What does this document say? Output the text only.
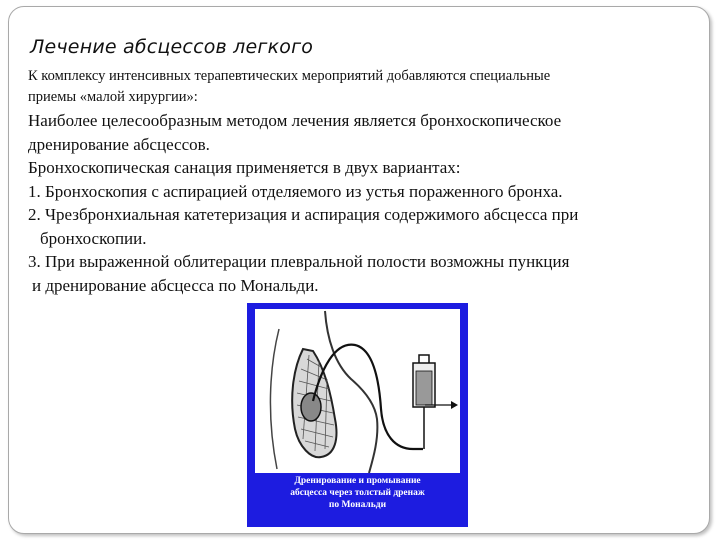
Лечение абсцессов легкого
К комплексу интенсивных терапевтических мероприятий добавляются специальные
приемы «малой хирургии»:

Наиболее целесообразным методом лечения является бронхоскопическое

дренирование абсцессов.

Бронхоскопическая санация применяется в двух вариантах:

1. Бронхоскопия с аспирацией отделяемого из устья пораженного бронха.

2. Чрезбронхиальная катетеризация и аспирация содержимого абсцесса при

бронхоскопии.

3. При выраженной облитерации плевральной полости возможны пункция

и дренирование абсцесса по Мональди.

Дренирование и промывание
абсцесса через толстый дренаж
по Мональди
